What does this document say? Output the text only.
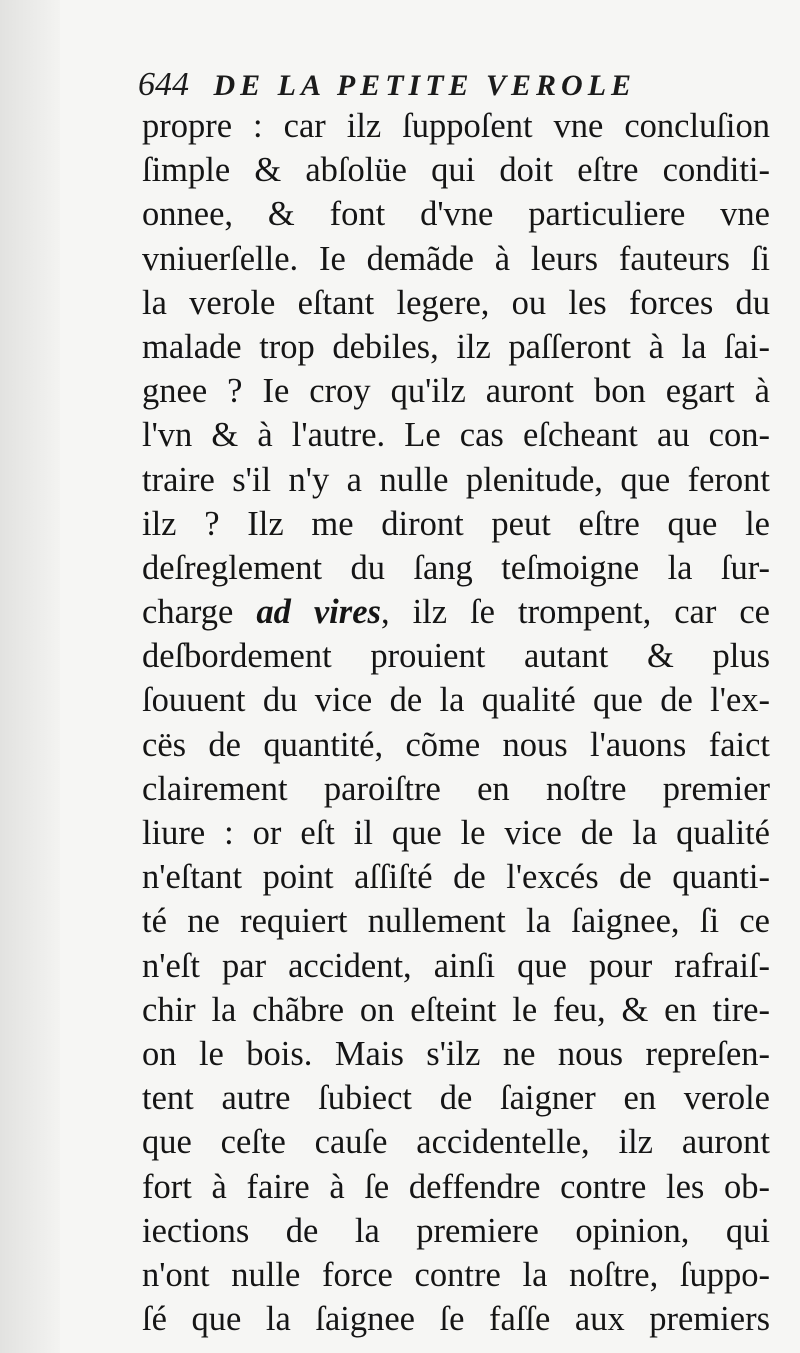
644 DE LA PETITE VEROLE
propre : car ilz ſuppoſent vne concluſion
ſimple & abſolüe qui doit eſtre conditi-
onnee, & font d'vne particuliere vne
vniuerſelle. Ie demãde à leurs fauteurs ſi
la verole eſtant legere, ou les forces du
malade trop debiles, ilz paſſeront à la ſai-
gnee ? Ie croy qu'ilz auront bon egart à
l'vn & à l'autre. Le cas eſcheant au con-
traire s'il n'y a nulle plenitude, que feront
ilz ? Ilz me diront peut eſtre que le
deſreglement du ſang teſmoigne la ſur-
charge ad vires, ilz ſe trompent, car ce
deſbordement prouient autant & plus
ſouuent du vice de la qualité que de l'ex-
cës de quantité, cõme nous l'auons faict
clairement paroiſtre en noſtre premier
liure : or eſt il que le vice de la qualité
n'eſtant point aſſiſté de l'excés de quanti-
té ne requiert nullement la ſaignee, ſi ce
n'eſt par accident, ainſi que pour rafraiſ-
chir la chãbre on eſteint le feu, & en tire-
on le bois. Mais s'ilz ne nous repreſen-
tent autre ſubiect de ſaigner en verole
que ceſte cauſe accidentelle, ilz auront
fort à faire à ſe deffendre contre les ob-
iections de la premiere opinion, qui
n'ont nulle force contre la noſtre, ſuppo-
ſé que la ſaignee ſe faſſe aux premiers
